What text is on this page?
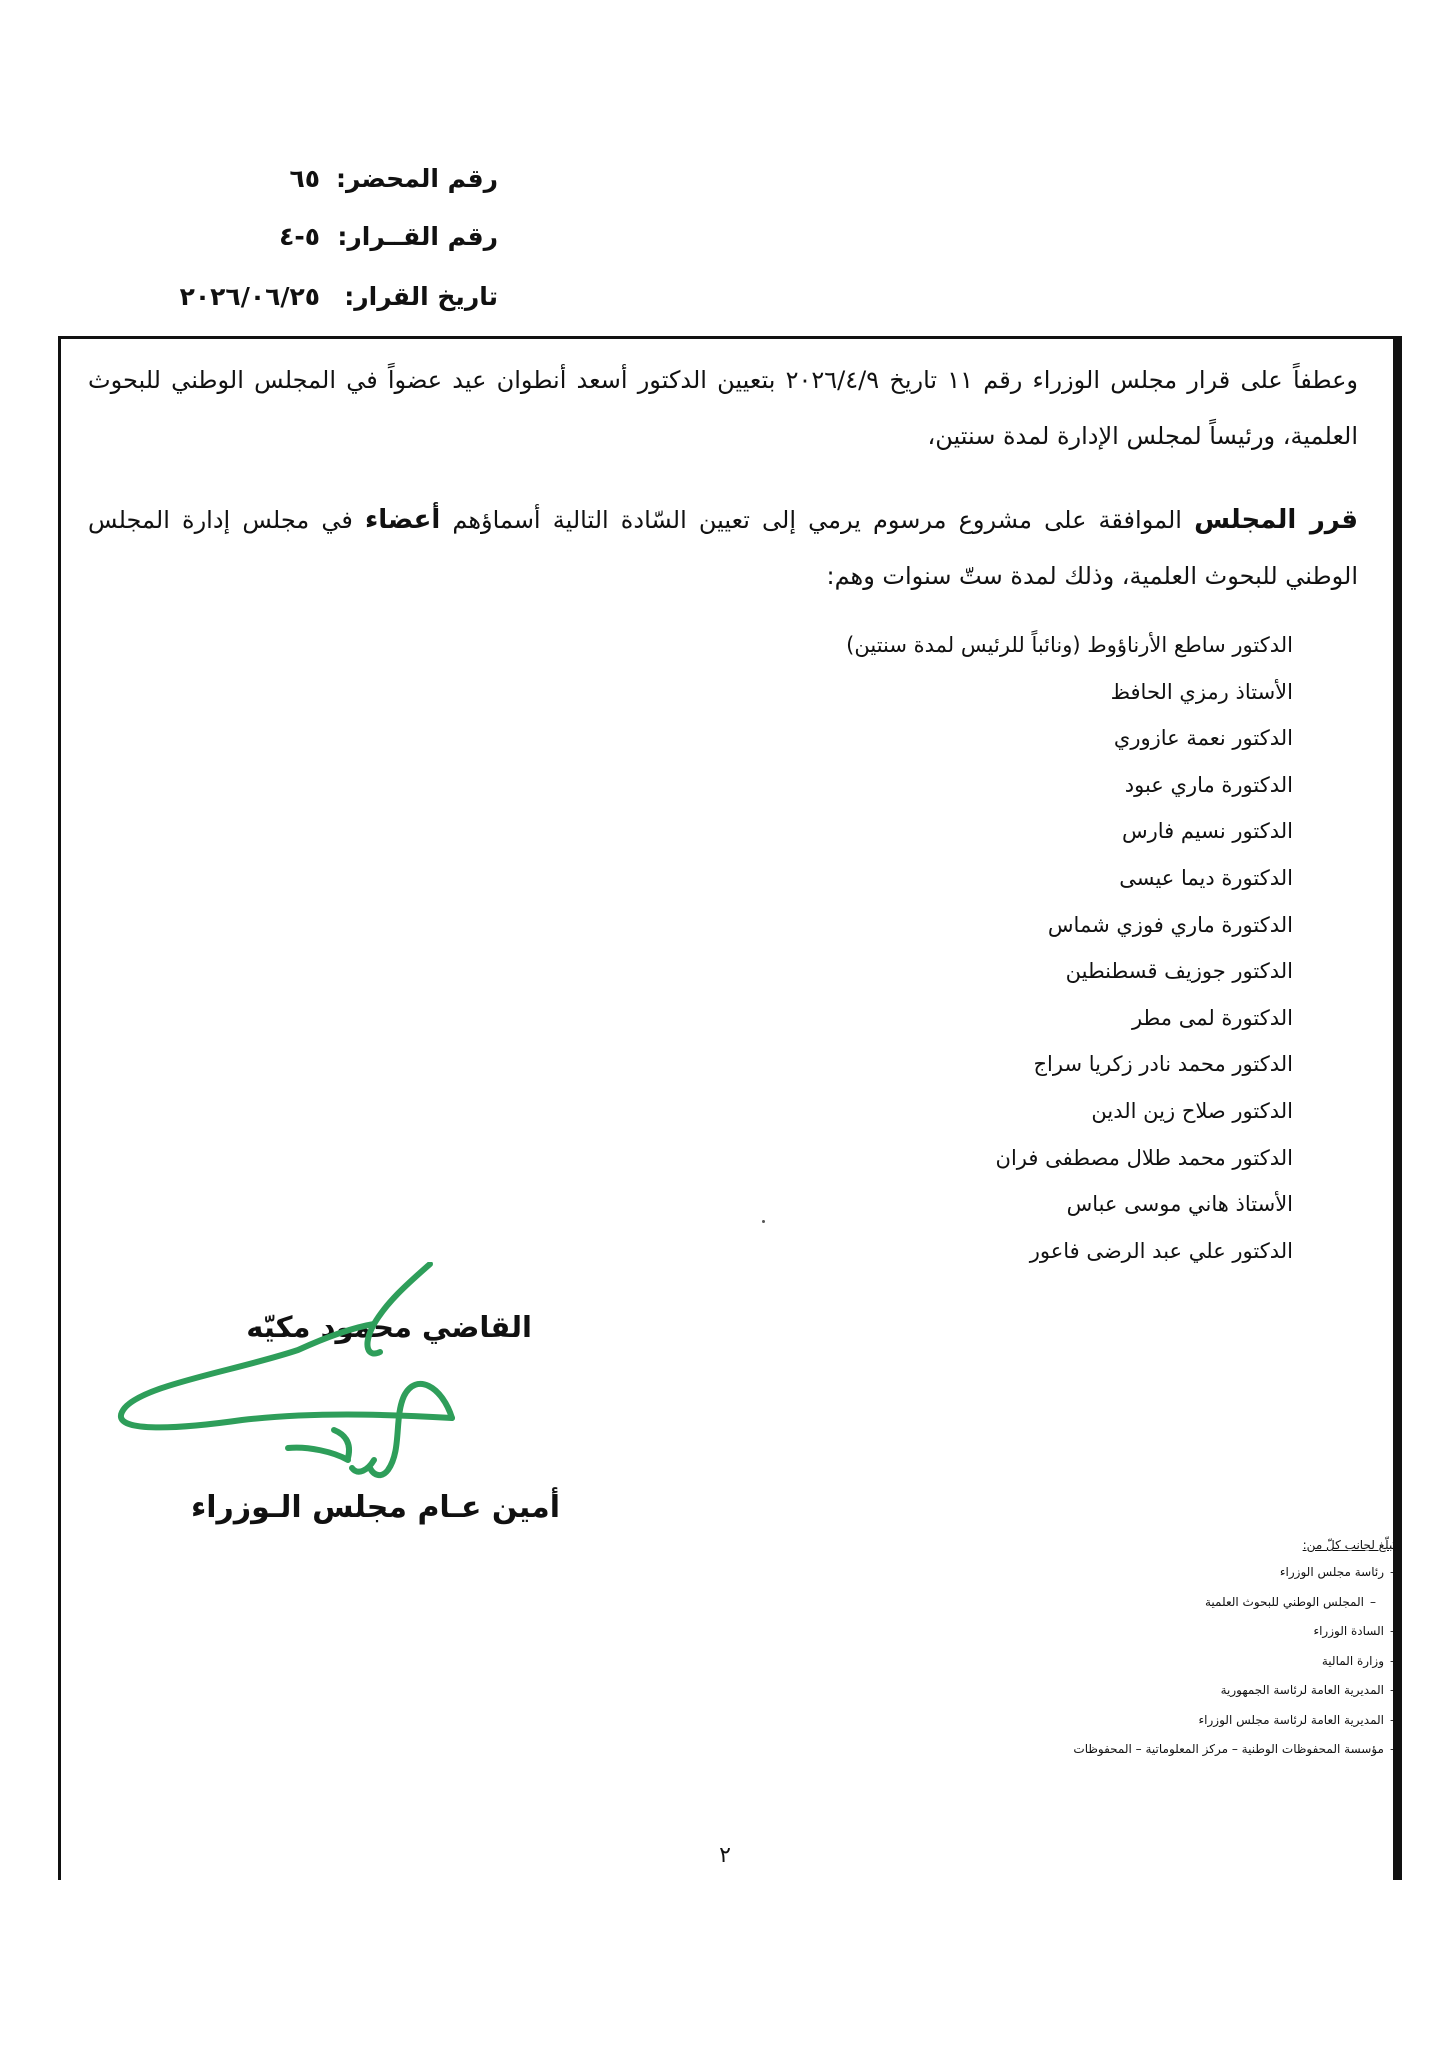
رقم المحضر:
٦٥
رقم القــرار:
٥-٤
تاريخ القرار:
٢٠٢٦/٠٦/٢٥
وعطفاً على قرار مجلس الوزراء رقم ١١ تاريخ ٢٠٢٦/٤/٩ بتعيين الدكتور أسعد أنطوان عيد عضواً في المجلس الوطني للبحوث العلمية، ورئيساً لمجلس الإدارة لمدة سنتين،
قرر المجلس الموافقة على مشروع مرسوم يرمي إلى تعيين السّادة التالية أسماؤهم أعضاء في مجلس إدارة المجلس الوطني للبحوث العلمية، وذلك لمدة ستّ سنوات وهم:
الدكتور ساطع الأرناؤوط (ونائباً للرئيس لمدة سنتين)
الأستاذ رمزي الحافظ
الدكتور نعمة عازوري
الدكتورة ماري عبود
الدكتور نسيم فارس
الدكتورة ديما عيسى
الدكتورة ماري فوزي شماس
الدكتور جوزيف قسطنطين
الدكتورة لمى مطر
الدكتور محمد نادر زكريا سراج
الدكتور صلاح زين الدين
الدكتور محمد طلال مصطفى فران
الأستاذ هاني موسى عباس
الدكتور علي عبد الرضى فاعور
القاضي محمود مكيّه
أمين عـام مجلس الـوزراء
يُبلّغ لجانب كلّ من:
–رئاسة مجلس الوزراء
–المجلس الوطني للبحوث العلمية
–السادة الوزراء
–وزارة المالية
–المديرية العامة لرئاسة الجمهورية
–المديرية العامة لرئاسة مجلس الوزراء
–مؤسسة المحفوظات الوطنية – مركز المعلوماتية – المحفوظات
٢
